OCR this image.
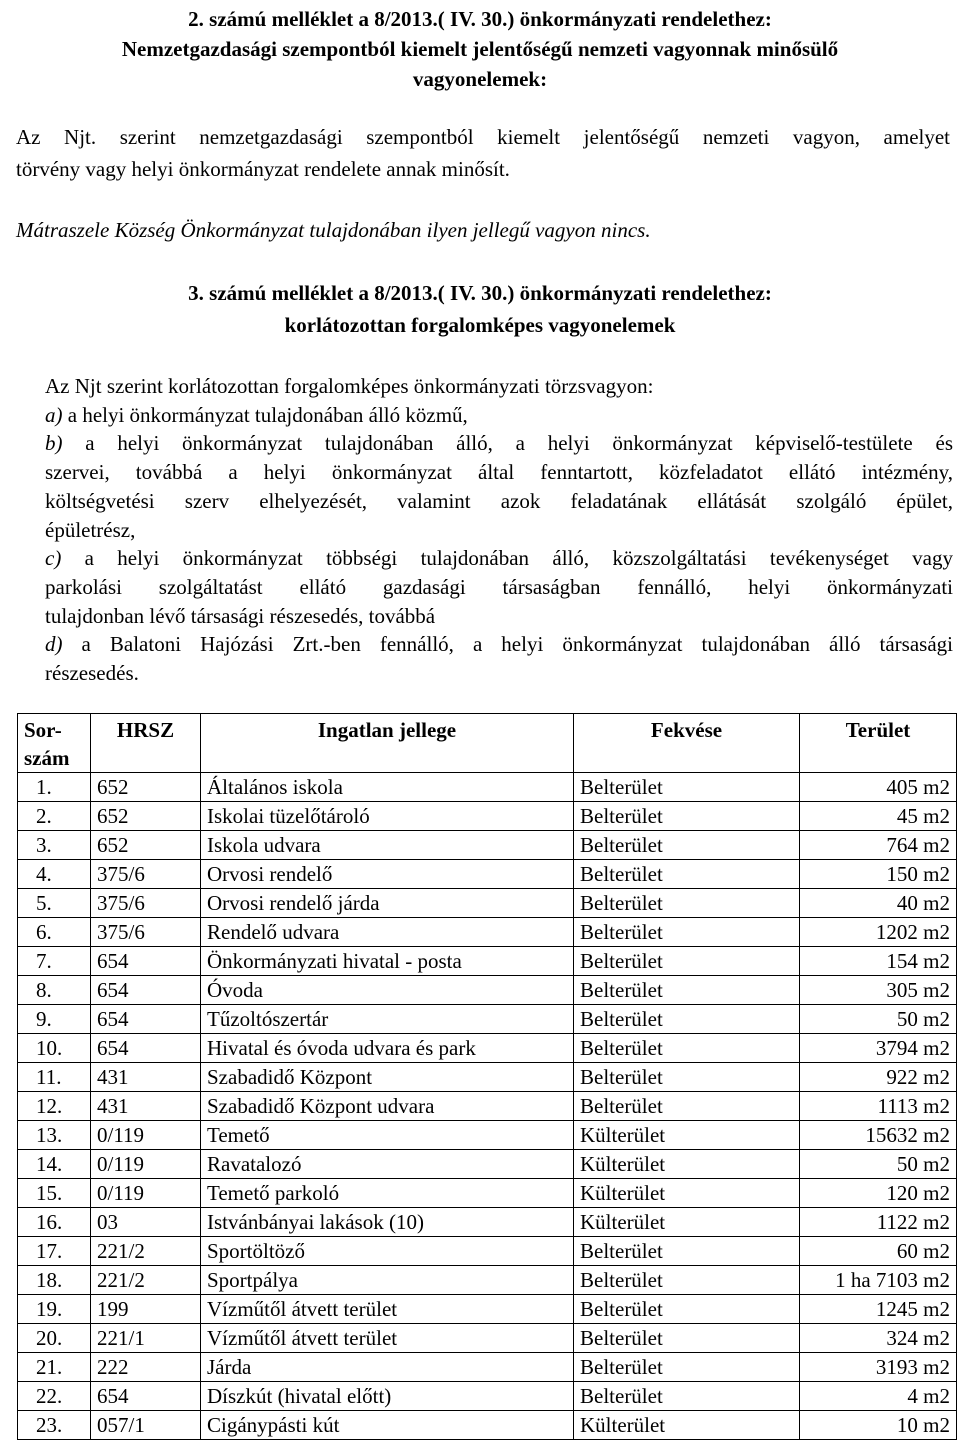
2. számú melléklet a 8/2013.( IV. 30.) önkormányzati rendelethez:
Nemzetgazdasági szempontból kiemelt jelentőségű nemzeti vagyonnak minősülő
vagyonelemek:
Az Njt. szerint nemzetgazdasági szempontból kiemelt jelentőségű nemzeti vagyon, amelyet
törvény vagy helyi önkormányzat rendelete annak minősít.
Mátraszele Község Önkormányzat tulajdonában ilyen jellegű vagyon nincs.
3. számú melléklet a 8/2013.( IV. 30.) önkormányzati rendelethez:
korlátozottan forgalomképes vagyonelemek
Az Njt szerint korlátozottan forgalomképes önkormányzati törzsvagyon:
a) a helyi önkormányzat tulajdonában álló közmű,
b) a helyi önkormányzat tulajdonában álló, a helyi önkormányzat képviselő-testülete és
szervei, továbbá a helyi önkormányzat által fenntartott, közfeladatot ellátó intézmény,
költségvetési szerv elhelyezését, valamint azok feladatának ellátását szolgáló épület,
épületrész,
c) a helyi önkormányzat többségi tulajdonában álló, közszolgáltatási tevékenységet vagy
parkolási szolgáltatást ellátó gazdasági társaságban fennálló, helyi önkormányzati
tulajdonban lévő társasági részesedés, továbbá
d) a Balatoni Hajózási Zrt.-ben fennálló, a helyi önkormányzat tulajdonában álló társasági
részesedés.
Sor-
szám	HRSZ	Ingatlan jellege	Fekvése	Terület
1.	652	Általános iskola	Belterület	405 m2
2.	652	Iskolai tüzelőtároló	Belterület	45 m2
3.	652	Iskola udvara	Belterület	764 m2
4.	375/6	Orvosi rendelő	Belterület	150 m2
5.	375/6	Orvosi rendelő járda	Belterület	40 m2
6.	375/6	Rendelő udvara	Belterület	1202 m2
7.	654	Önkormányzati hivatal - posta	Belterület	154 m2
8.	654	Óvoda	Belterület	305 m2
9.	654	Tűzoltószertár	Belterület	50 m2
10.	654	Hivatal és óvoda udvara és park	Belterület	3794 m2
11.	431	Szabadidő Központ	Belterület	922 m2
12.	431	Szabadidő Központ udvara	Belterület	1113 m2
13.	0/119	Temető	Külterület	15632 m2
14.	0/119	Ravatalozó	Külterület	50 m2
15.	0/119	Temető parkoló	Külterület	120 m2
16.	03	Istvánbányai lakások (10)	Külterület	1122 m2
17.	221/2	Sportöltöző	Belterület	60 m2
18.	221/2	Sportpálya	Belterület	1 ha 7103 m2
19.	199	Vízműtől átvett terület	Belterület	1245 m2
20.	221/1	Vízműtől átvett terület	Belterület	324 m2
21.	222	Járda	Belterület	3193 m2
22.	654	Díszkút (hivatal előtt)	Belterület	4 m2
23.	057/1	Cigánypásti kút	Külterület	10 m2
